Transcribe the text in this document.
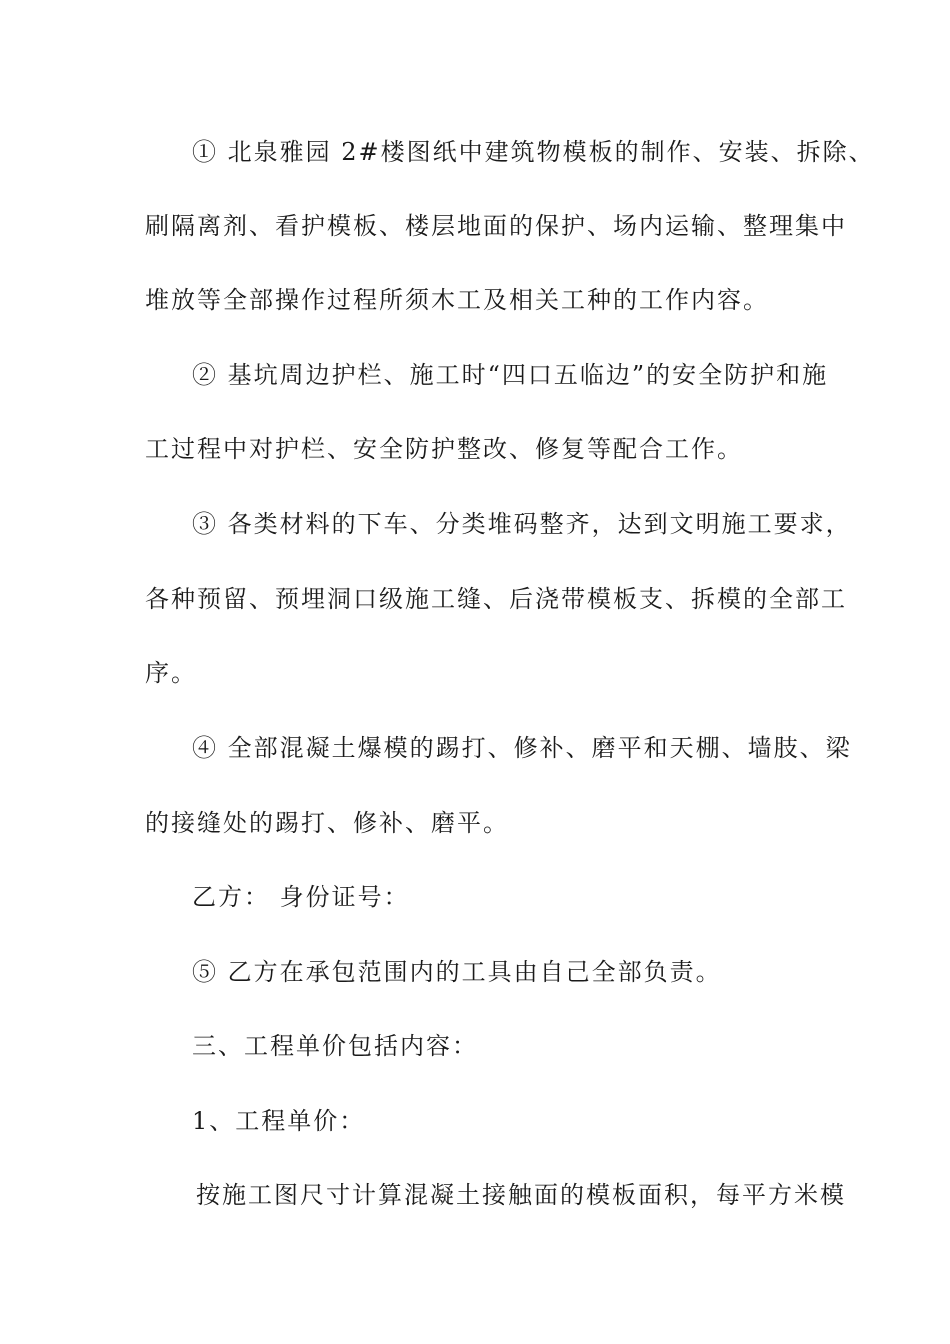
① 北泉雅园 2#楼图纸中建筑物模板的制作、安装、拆除、
刷隔离剂、看护模板、楼层地面的保护、场内运输、整理集中
堆放等全部操作过程所须木工及相关工种的工作内容。
② 基坑周边护栏、施工时“四口五临边”的安全防护和施
工过程中对护栏、安全防护整改、修复等配合工作。
③ 各类材料的下车、分类堆码整齐，达到文明施工要求，
各种预留、预埋洞口级施工缝、后浇带模板支、拆模的全部工
序。
④ 全部混凝土爆模的踢打、修补、磨平和天棚、墙肢、梁
的接缝处的踢打、修补、磨平。
乙方： 身份证号：
⑤ 乙方在承包范围内的工具由自己全部负责。
三、工程单价包括内容：
1、工程单价：
按施工图尺寸计算混凝土接触面的模板面积，每平方米模
